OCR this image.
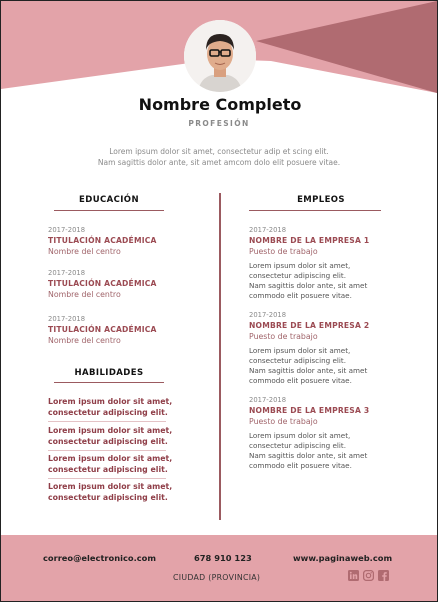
Nombre Completo
PROFESIÓN
Lorem ipsum dolor sit amet, consectetur adip et scing elit.
Nam sagittis dolor ante, sit amet amcom dolo elit posuere vitae.
EDUCACIÓN
2017-2018
TITULACIÓN ACADÉMICA
Nombre del centro
2017-2018
TITULACIÓN ACADÉMICA
Nombre del centro
2017-2018
TITULACIÓN ACADÉMICA
Nombre del centro
HABILIDADES
Lorem ipsum dolor sit amet,
consectetur adipiscing elit.
Lorem ipsum dolor sit amet,
consectetur adipiscing elit.
Lorem ipsum dolor sit amet,
consectetur adipiscing elit.
Lorem ipsum dolor sit amet,
consectetur adipiscing elit.
EMPLEOS
2017-2018
NOMBRE DE LA EMPRESA 1
Puesto de trabajo
Lorem ipsum dolor sit amet,
consectetur adipiscing elit.
Nam sagittis dolor ante, sit amet
commodo elit posuere vitae.
2017-2018
NOMBRE DE LA EMPRESA 2
Puesto de trabajo
Lorem ipsum dolor sit amet,
consectetur adipiscing elit.
Nam sagittis dolor ante, sit amet
commodo elit posuere vitae.
2017-2018
NOMBRE DE LA EMPRESA 3
Puesto de trabajo
Lorem ipsum dolor sit amet,
consectetur adipiscing elit.
Nam sagittis dolor ante, sit amet
commodo elit posuere vitae.
correo@electronico.com	678 910 123	www.paginaweb.com
CIUDAD (PROVINCIA)
